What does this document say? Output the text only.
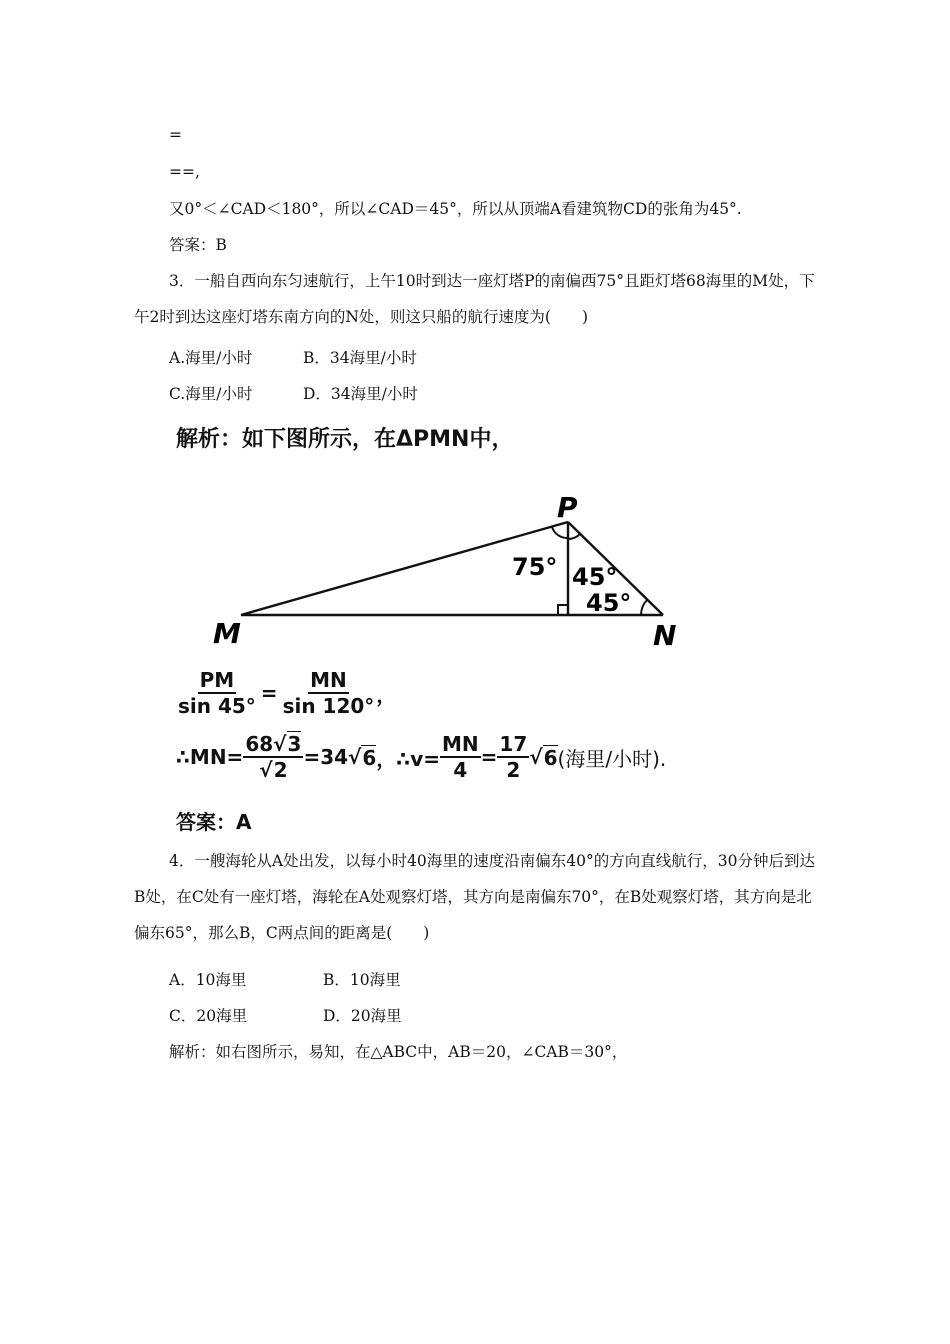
=
==,
又0°＜∠CAD＜180°，所以∠CAD＝45°，所以从顶端A看建筑物CD的张角为45°.
答案：B
3．一船自西向东匀速航行，上午10时到达一座灯塔P的南偏西75°且距灯塔68海里的M处，下午2时到达这座灯塔东南方向的N处，则这只船的航行速度为(　　)
A.海里/小时	B．34海里/小时
C.海里/小时	D．34海里/小时
解析：如下图所示，在ΔPMN中，
P
M	N
75° 45°
45°
$\frac{PM}{\sin 45^\circ} = \frac{MN}{\sin 120^\circ}$ ，
∴MN= $\frac{68√3}{√2} =34$ √ 6 ，∴v= $\frac{MN}{4} = \frac{17}{2}$ √ 6 (海里/小时).
答案：A
4．一艘海轮从A处出发，以每小时40海里的速度沿南偏东40°的方向直线航行，30分钟后到达B处，在C处有一座灯塔，海轮在A处观察灯塔，其方向是南偏东70°，在B处观察灯塔，其方向是北偏东65°，那么B，C两点间的距离是(　　)
A．10海里	B．10海里
C．20海里	D．20海里
解析：如右图所示，易知，在△ABC中，AB＝20，∠CAB＝30°，
